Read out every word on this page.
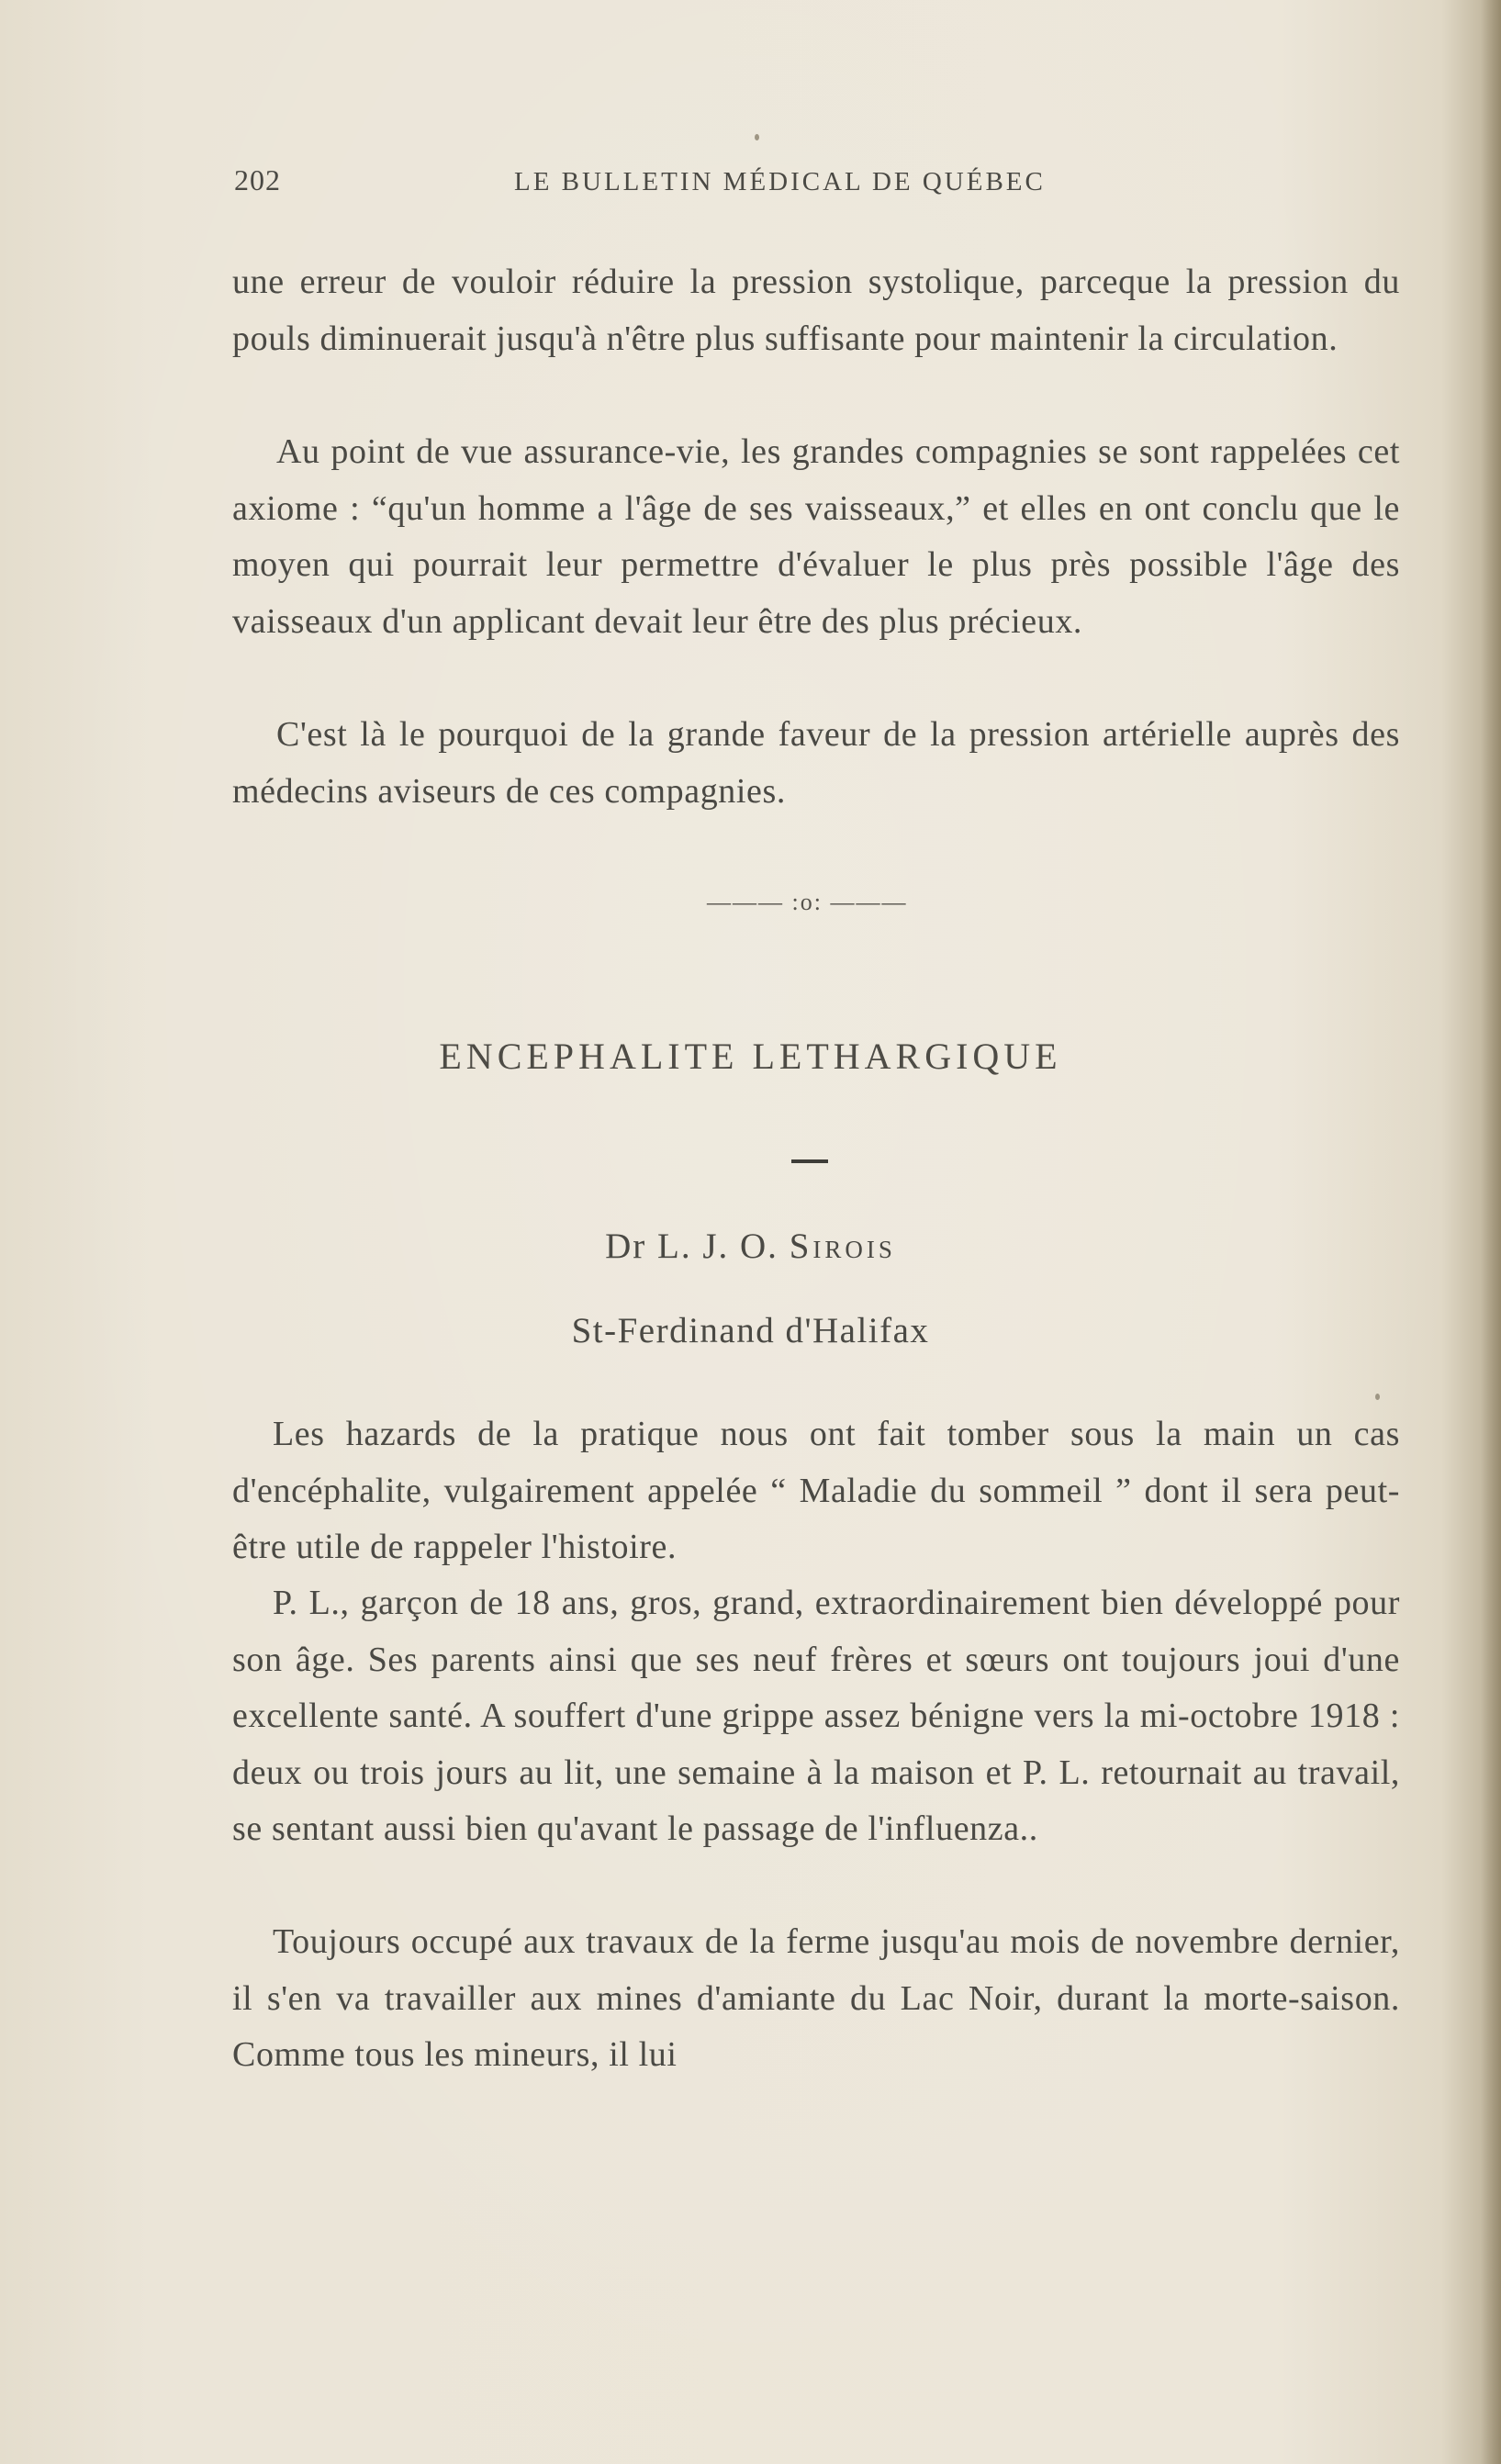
202	LE BULLETIN MÉDICAL DE QUÉBEC

une erreur de vouloir réduire la pression systolique, parceque la pression du pouls diminuerait jusqu'à n'être plus suffisante pour maintenir la circulation.

Au point de vue assurance-vie, les grandes compagnies se sont rappelées cet axiome : “qu'un homme a l'âge de ses vaisseaux,” et elles en ont conclu que le moyen qui pourrait leur permettre d'évaluer le plus près possible l'âge des vaisseaux d'un applicant devait leur être des plus précieux.

C'est là le pourquoi de la grande faveur de la pression artérielle auprès des médecins aviseurs de ces compagnies.

——— :o: ———
ENCEPHALITE LETHARGIQUE
Dr L. J. O. Sirois
St-Ferdinand d'Halifax

Les hazards de la pratique nous ont fait tomber sous la main un cas d'encéphalite, vulgairement appelée “ Maladie du sommeil ” dont il sera peut-être utile de rappeler l'histoire.

P. L., garçon de 18 ans, gros, grand, extraordinairement bien développé pour son âge. Ses parents ainsi que ses neuf frères et sœurs ont toujours joui d'une excellente santé. A souffert d'une grippe assez bénigne vers la mi-octobre 1918 : deux ou trois jours au lit, une semaine à la maison et P. L. retournait au travail, se sentant aussi bien qu'avant le passage de l'influenza..

Toujours occupé aux travaux de la ferme jusqu'au mois de novembre dernier, il s'en va travailler aux mines d'amiante du Lac Noir, durant la morte-saison. Comme tous les mineurs, il lui
